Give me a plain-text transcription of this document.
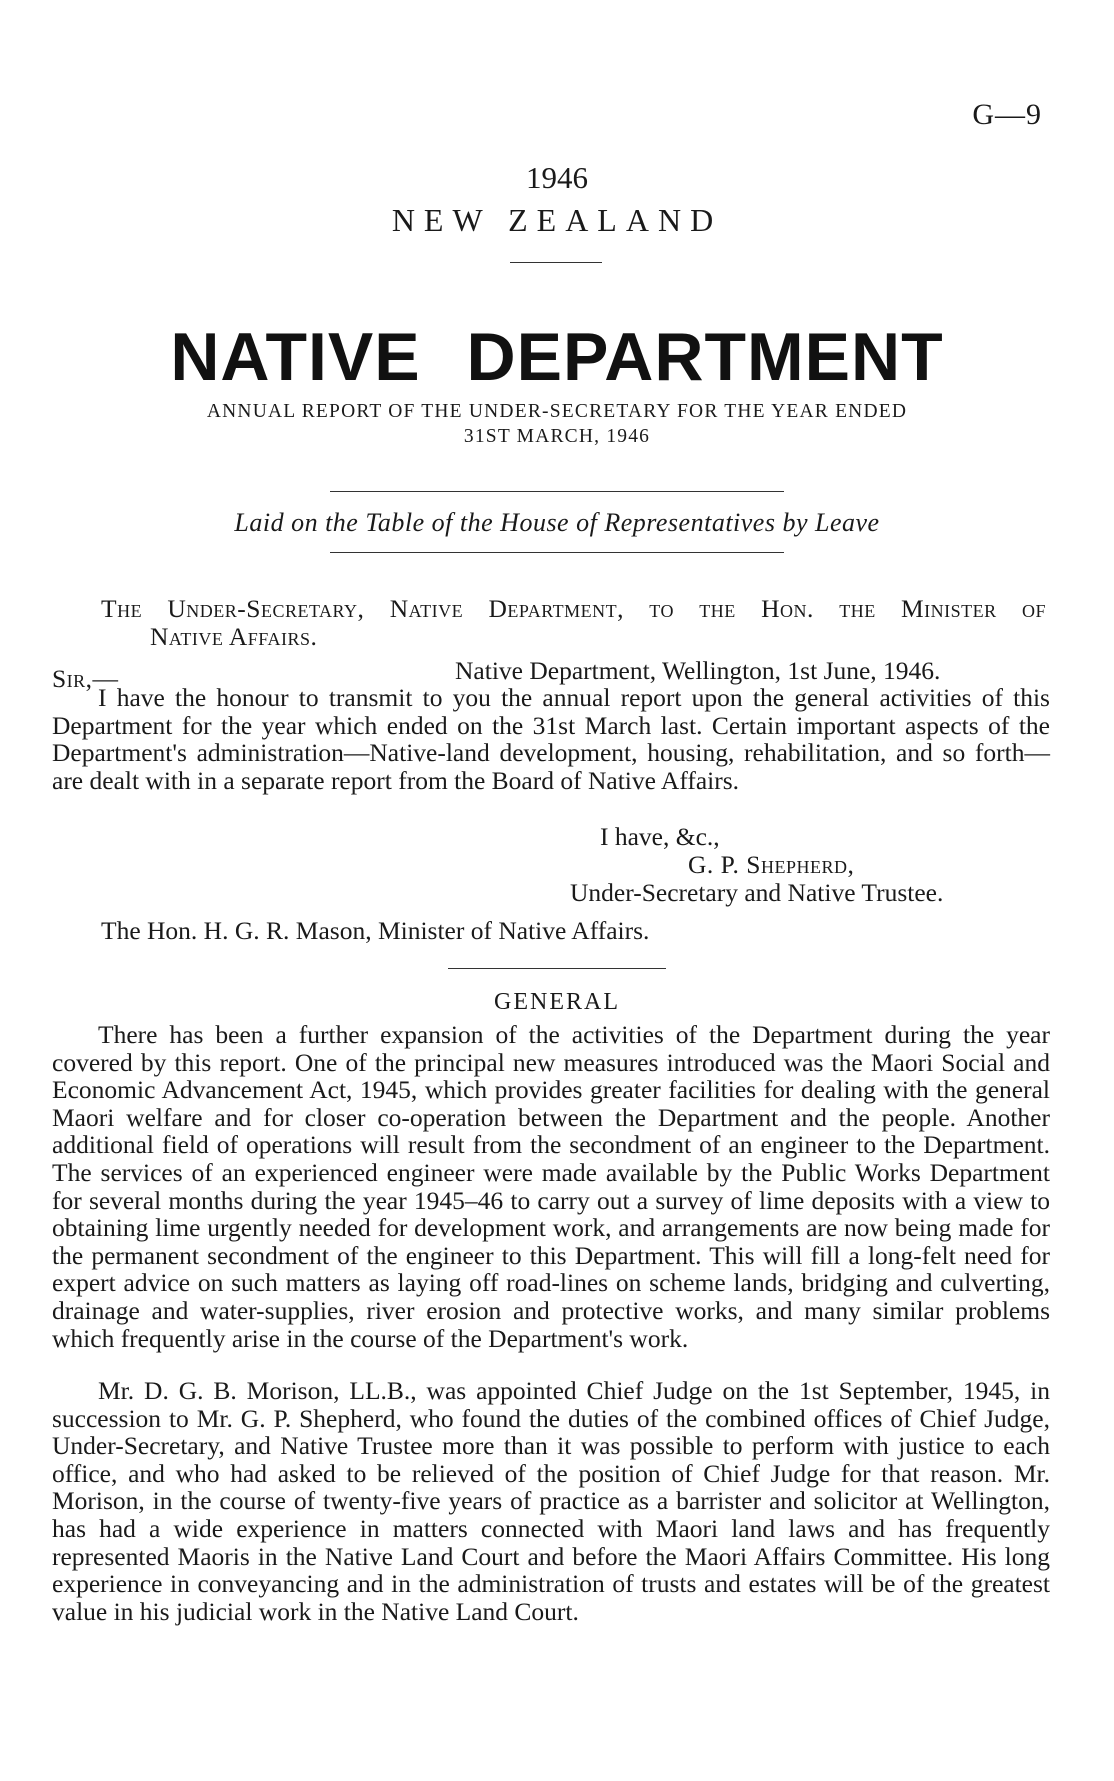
G—9
1946
NEW ZEALAND
NATIVE DEPARTMENT
ANNUAL REPORT OF THE UNDER-SECRETARY FOR THE YEAR ENDED
31ST MARCH, 1946
Laid on the Table of the House of Representatives by Leave
The Under-Secretary, Native Department, to the Hon. the Minister of
Native Affairs.
Sir,—	Native Department, Wellington, 1st June, 1946.
I have the honour to transmit to you the annual report upon the general activities of this Department for the year which ended on the 31st March last. Certain important aspects of the Department's administration—Native-land development, housing, rehabilitation, and so forth—are dealt with in a separate report from the Board of Native Affairs.
I have, &c.,
G. P. Shepherd,
Under-Secretary and Native Trustee.
The Hon. H. G. R. Mason, Minister of Native Affairs.
GENERAL
There has been a further expansion of the activities of the Department during the year covered by this report. One of the principal new measures introduced was the Maori Social and Economic Advancement Act, 1945, which provides greater facilities for dealing with the general Maori welfare and for closer co-operation between the Department and the people. Another additional field of operations will result from the secondment of an engineer to the Department. The services of an experienced engineer were made available by the Public Works Department for several months during the year 1945–46 to carry out a survey of lime deposits with a view to obtaining lime urgently needed for development work, and arrangements are now being made for the permanent secondment of the engineer to this Department. This will fill a long-felt need for expert advice on such matters as laying off road-lines on scheme lands, bridging and culverting, drainage and water-supplies, river erosion and protective works, and many similar problems which frequently arise in the course of the Department's work.
Mr. D. G. B. Morison, LL.B., was appointed Chief Judge on the 1st September, 1945, in succession to Mr. G. P. Shepherd, who found the duties of the combined offices of Chief Judge, Under-Secretary, and Native Trustee more than it was possible to perform with justice to each office, and who had asked to be relieved of the position of Chief Judge for that reason. Mr. Morison, in the course of twenty-five years of practice as a barrister and solicitor at Wellington, has had a wide experience in matters connected with Maori land laws and has frequently represented Maoris in the Native Land Court and before the Maori Affairs Committee. His long experience in conveyancing and in the administration of trusts and estates will be of the greatest value in his judicial work in the Native Land Court.
